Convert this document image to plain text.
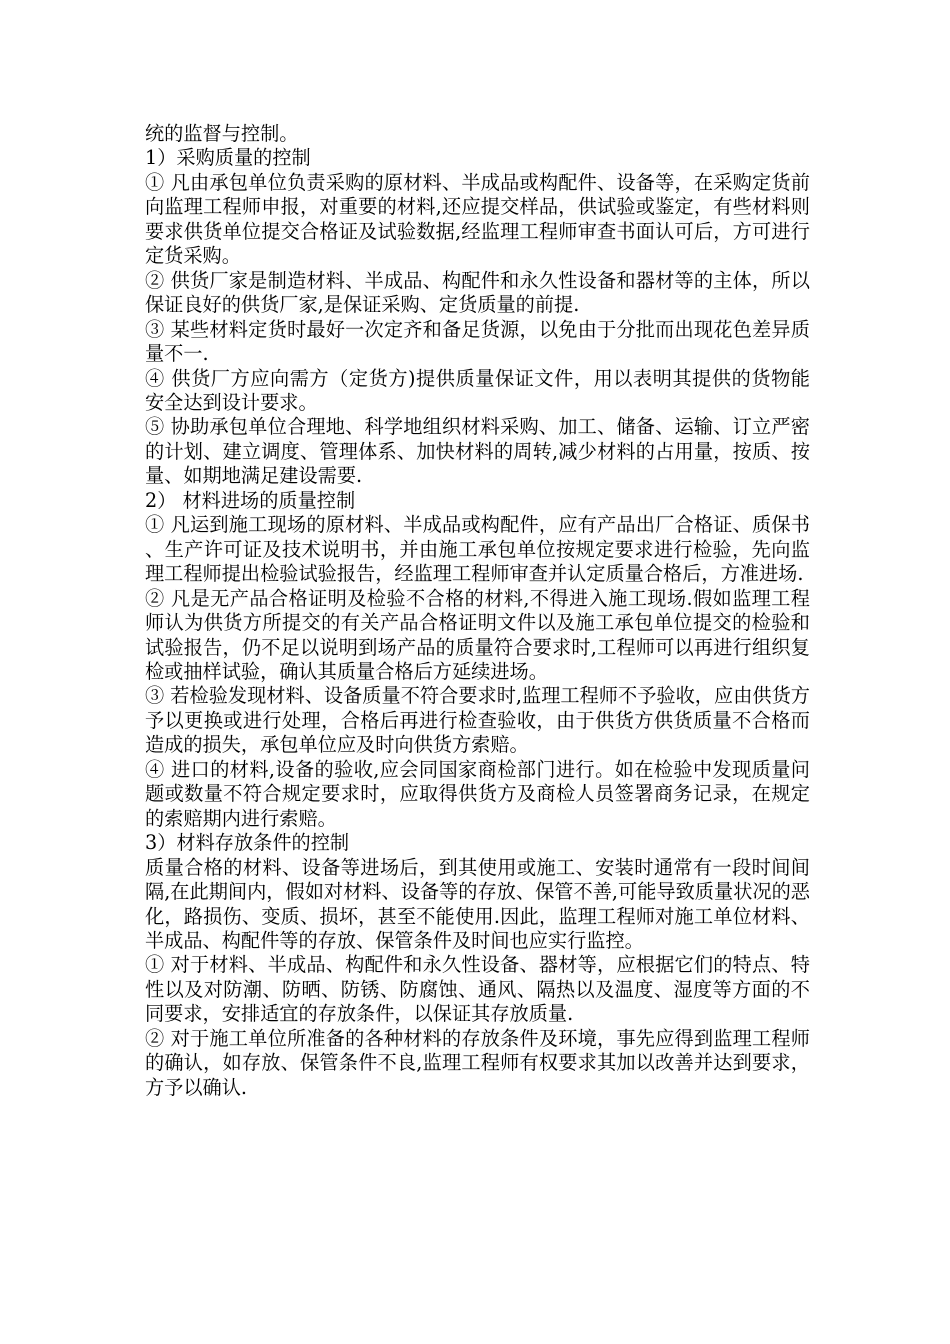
统的监督与控制。

1）采购质量的控制

① 凡由承包单位负责采购的原材料、半成品或构配件、设备等，在采购定货前向监理工程师申报，对重要的材料,还应提交样品，供试验或鉴定，有些材料则要求供货单位提交合格证及试验数据,经监理工程师审查书面认可后，方可进行定货采购。

② 供货厂家是制造材料、半成品、构配件和永久性设备和器材等的主体，所以保证良好的供货厂家,是保证采购、定货质量的前提.

③ 某些材料定货时最好一次定齐和备足货源，以免由于分批而出现花色差异质量不一.

④ 供货厂方应向需方（定货方)提供质量保证文件，用以表明其提供的货物能安全达到设计要求。

⑤ 协助承包单位合理地、科学地组织材料采购、加工、储备、运输、订立严密的计划、建立调度、管理体系、加快材料的周转,减少材料的占用量，按质、按量、如期地满足建设需要.

2） 材料进场的质量控制

① 凡运到施工现场的原材料、半成品或构配件，应有产品出厂合格证、质保书、生产许可证及技术说明书，并由施工承包单位按规定要求进行检验，先向监理工程师提出检验试验报告，经监理工程师审查并认定质量合格后，方准进场.

② 凡是无产品合格证明及检验不合格的材料,不得进入施工现场.假如监理工程师认为供货方所提交的有关产品合格证明文件以及施工承包单位提交的检验和试验报告，仍不足以说明到场产品的质量符合要求时,工程师可以再进行组织复检或抽样试验，确认其质量合格后方延续进场。

③ 若检验发现材料、设备质量不符合要求时,监理工程师不予验收，应由供货方予以更换或进行处理，合格后再进行检查验收，由于供货方供货质量不合格而造成的损失，承包单位应及时向供货方索赔。

④ 进口的材料,设备的验收,应会同国家商检部门进行。如在检验中发现质量问题或数量不符合规定要求时，应取得供货方及商检人员签署商务记录，在规定的索赔期内进行索赔。

3）材料存放条件的控制

质量合格的材料、设备等进场后，到其使用或施工、安装时通常有一段时间间隔,在此期间内，假如对材料、设备等的存放、保管不善,可能导致质量状况的恶化，路损伤、变质、损坏，甚至不能使用.因此，监理工程师对施工单位材料、半成品、构配件等的存放、保管条件及时间也应实行监控。

① 对于材料、半成品、构配件和永久性设备、器材等，应根据它们的特点、特性以及对防潮、防晒、防锈、防腐蚀、通风、隔热以及温度、湿度等方面的不同要求，安排适宜的存放条件，以保证其存放质量.

② 对于施工单位所准备的各种材料的存放条件及环境，事先应得到监理工程师的确认，如存放、保管条件不良,监理工程师有权要求其加以改善并达到要求，方予以确认.
